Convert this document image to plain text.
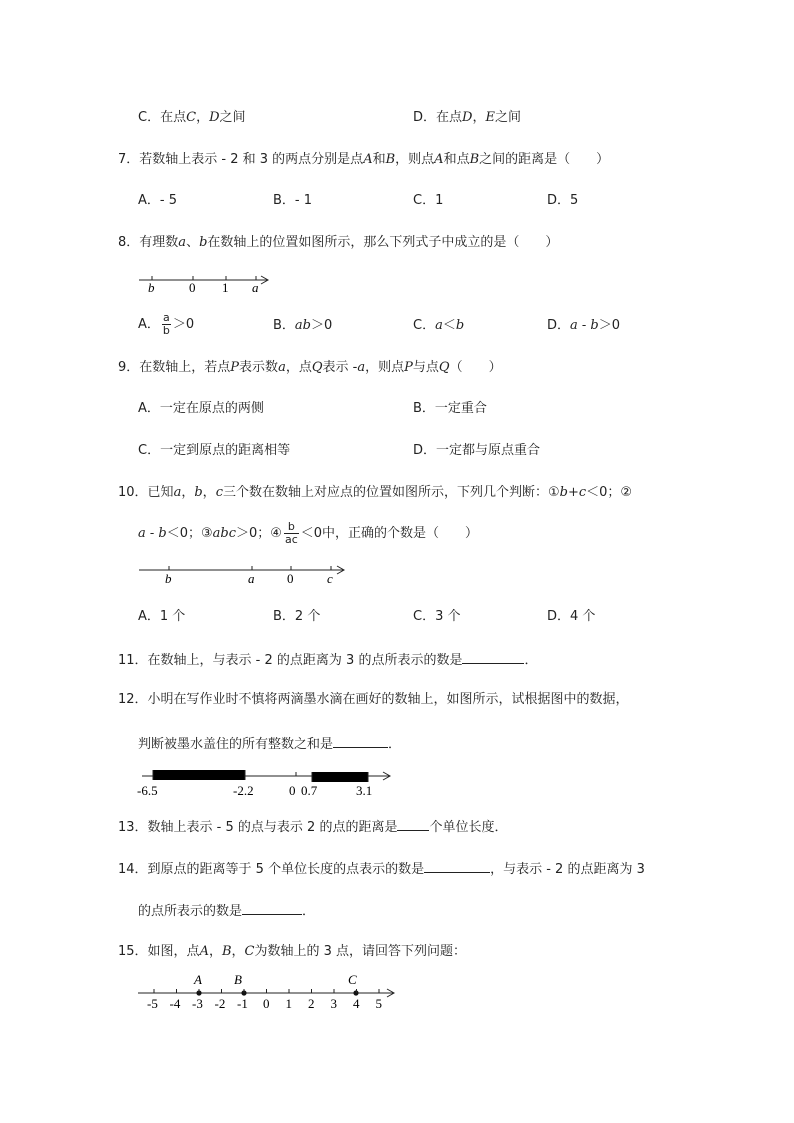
C．在点C，D之间	D．在点D，E之间
7．若数轴上表示 - 2 和 3 的两点分别是点A和B，则点A和点B之间的距离是（　　）
A．- 5	B．- 1	C．1	D．5
8．有理数a、b在数轴上的位置如图所示，那么下列式子中成立的是（　　）
b	0 1 a
A． $\frac{a}{b} >0$	B．ab＞0	C．a＜b	D．a - b＞0
9．在数轴上，若点P表示数a，点Q表示 -a，则点P与点Q（　　）
A．一定在原点的两侧	B．一定重合
C．一定到原点的距离相等	D．一定都与原点重合
10．已知a，b，c三个数在数轴上对应点的位置如图所示，下列几个判断：①b+c＜0；②
a - b＜0；③abc＞0；④ $\frac{b}{ac} <0$中，正确的个数是（　　）
b	a	0	c
A．1 个	B．2 个	C．3 个	D．4 个
11．在数轴上，与表示 - 2 的点距离为 3 的点所表示的数是	．
12．小明在写作业时不慎将两滴墨水滴在画好的数轴上，如图所示，试根据图中的数据，
判断被墨水盖住的所有整数之和是	．
-6.5	-2.2	0 0.7	3.1
13．数轴上表示 - 5 的点与表示 2 的点的距离是 个单位长度．
14．到原点的距离等于 5 个单位长度的点表示的数是	，与表示 - 2 的点距离为 3
的点所表示的数是	．
15．如图，点A，B，C为数轴上的 3 点，请回答下列问题：
A B	C
-5 -4 -3 -2 -1 0 1 2 3 4 5
